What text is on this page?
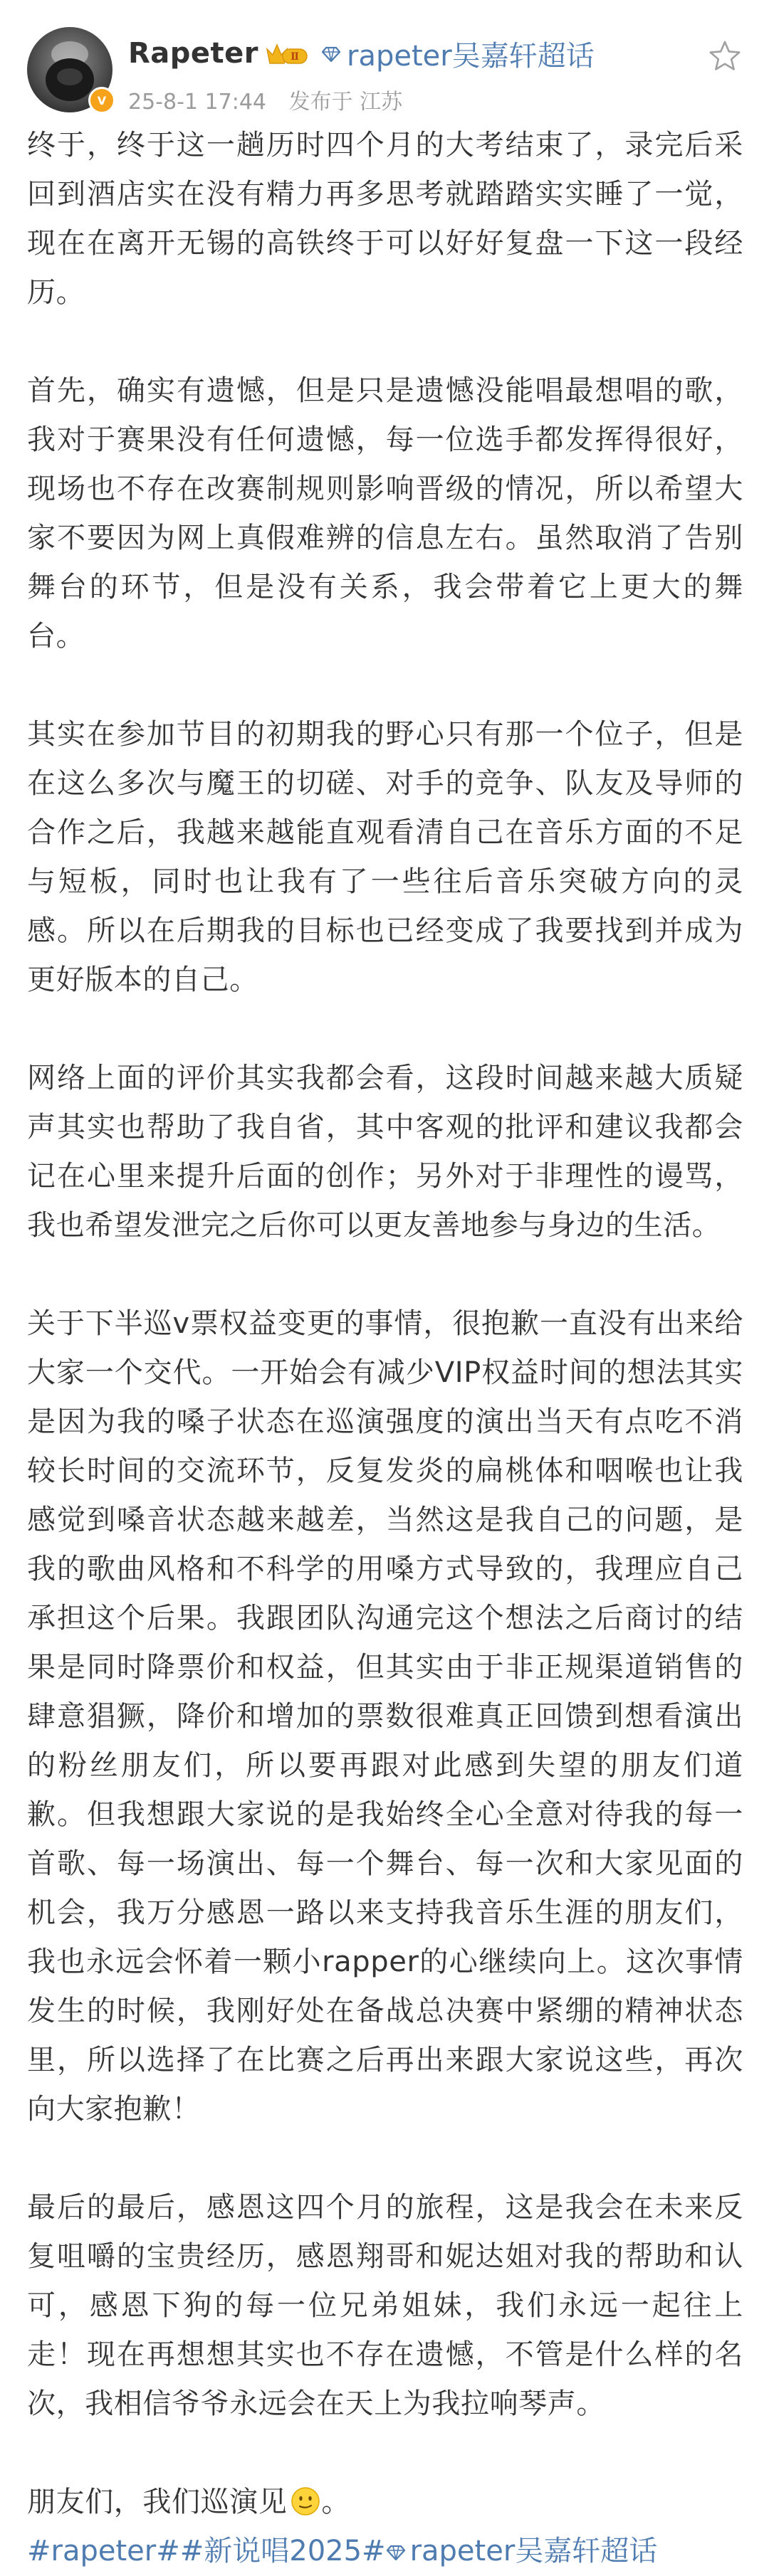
V
Rapeter	Ⅱ rapeter吴嘉轩超话
25-8-1 17:44 发布于 江苏

终于，终于这一趟历时四个月的大考结束了，录完后采回到酒店实在没有精力再多思考就踏踏实实睡了一觉，现在在离开无锡的高铁终于可以好好复盘一下这一段经历。

首先，确实有遗憾，但是只是遗憾没能唱最想唱的歌，我对于赛果没有任何遗憾，每一位选手都发挥得很好，现场也不存在改赛制规则影响晋级的情况，所以希望大家不要因为网上真假难辨的信息左右。虽然取消了告别舞台的环节，但是没有关系，我会带着它上更大的舞台。

其实在参加节目的初期我的野心只有那一个位子，但是在这么多次与魔王的切磋、对手的竞争、队友及导师的合作之后，我越来越能直观看清自己在音乐方面的不足与短板，同时也让我有了一些往后音乐突破方向的灵感。所以在后期我的目标也已经变成了我要找到并成为更好版本的自己。

网络上面的评价其实我都会看，这段时间越来越大质疑声其实也帮助了我自省，其中客观的批评和建议我都会记在心里来提升后面的创作；另外对于非理性的谩骂，我也希望发泄完之后你可以更友善地参与身边的生活。

关于下半巡v票权益变更的事情，很抱歉一直没有出来给大家一个交代。一开始会有减少VIP权益时间的想法其实是因为我的嗓子状态在巡演强度的演出当天有点吃不消较长时间的交流环节，反复发炎的扁桃体和咽喉也让我感觉到嗓音状态越来越差，当然这是我自己的问题，是我的歌曲风格和不科学的用嗓方式导致的，我理应自己承担这个后果。我跟团队沟通完这个想法之后商讨的结果是同时降票价和权益，但其实由于非正规渠道销售的肆意猖獗，降价和增加的票数很难真正回馈到想看演出的粉丝朋友们，所以要再跟对此感到失望的朋友们道歉。但我想跟大家说的是我始终全心全意对待我的每一首歌、每一场演出、每一个舞台、每一次和大家见面的机会，我万分感恩一路以来支持我音乐生涯的朋友们，我也永远会怀着一颗小rapper的心继续向上。这次事情发生的时候，我刚好处在备战总决赛中紧绷的精神状态里，所以选择了在比赛之后再出来跟大家说这些，再次向大家抱歉！

最后的最后，感恩这四个月的旅程，这是我会在未来反复咀嚼的宝贵经历，感恩翔哥和妮达姐对我的帮助和认可，感恩下狗的每一位兄弟姐妹，我们永远一起往上走！现在再想想其实也不存在遗憾，不管是什么样的名次，我相信爷爷永远会在天上为我拉响琴声。

朋友们，我们巡演见 。

#rapeter# #新说唱2025# rapeter吴嘉轩超话
